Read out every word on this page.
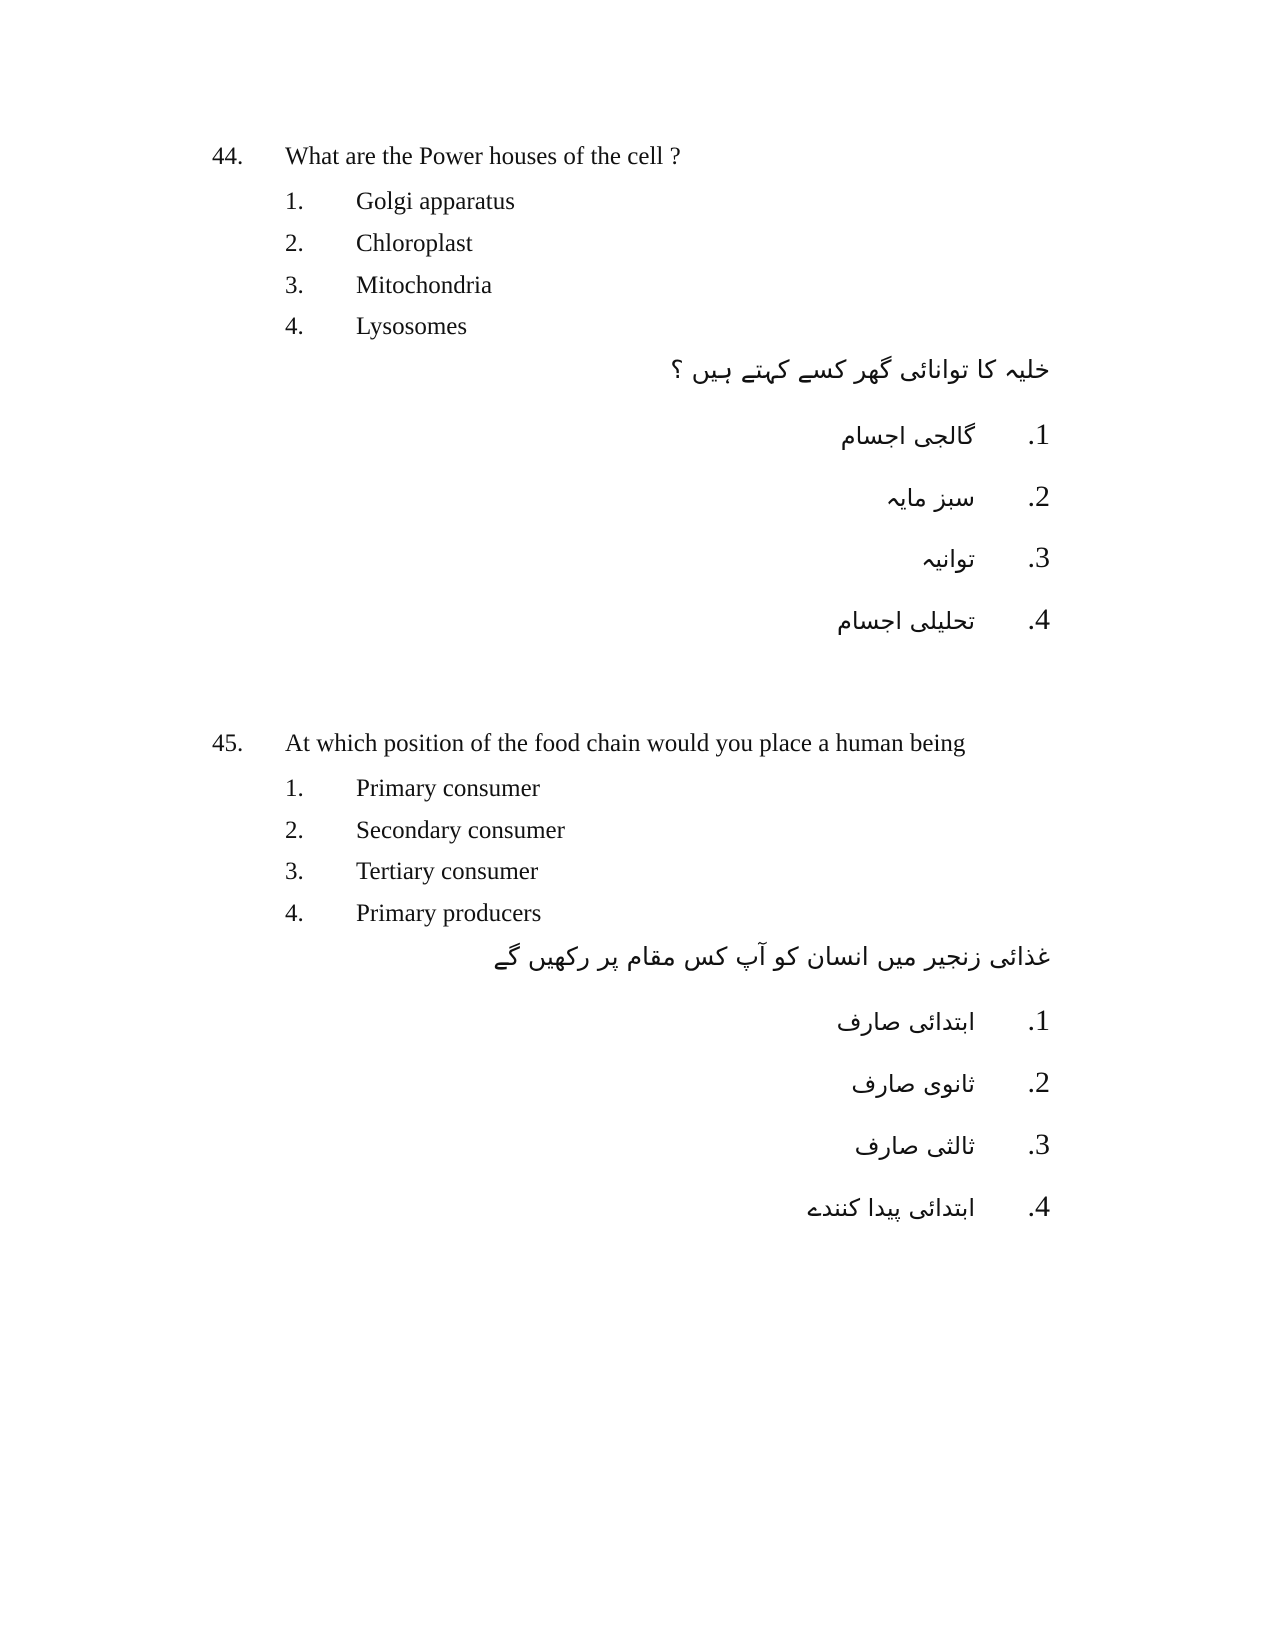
44. What are the Power houses of the cell ?
1. Golgi apparatus
2. Chloroplast
3. Mitochondria
4. Lysosomes
خلیہ کا توانائی گھر کسے کہتے ہیں ؟
.1
گالجی اجسام
.2
سبز مایہ
.3
توانیہ
.4
تحلیلی اجسام
45. At which position of the food chain would you place a human being
1. Primary consumer
2. Secondary consumer
3. Tertiary consumer
4. Primary producers
غذائی زنجیر میں انسان کو آپ کس مقام پر رکھیں گے
.1
ابتدائی صارف
.2
ثانوی صارف
.3
ثالثی صارف
.4
ابتدائی پیدا کنندے
